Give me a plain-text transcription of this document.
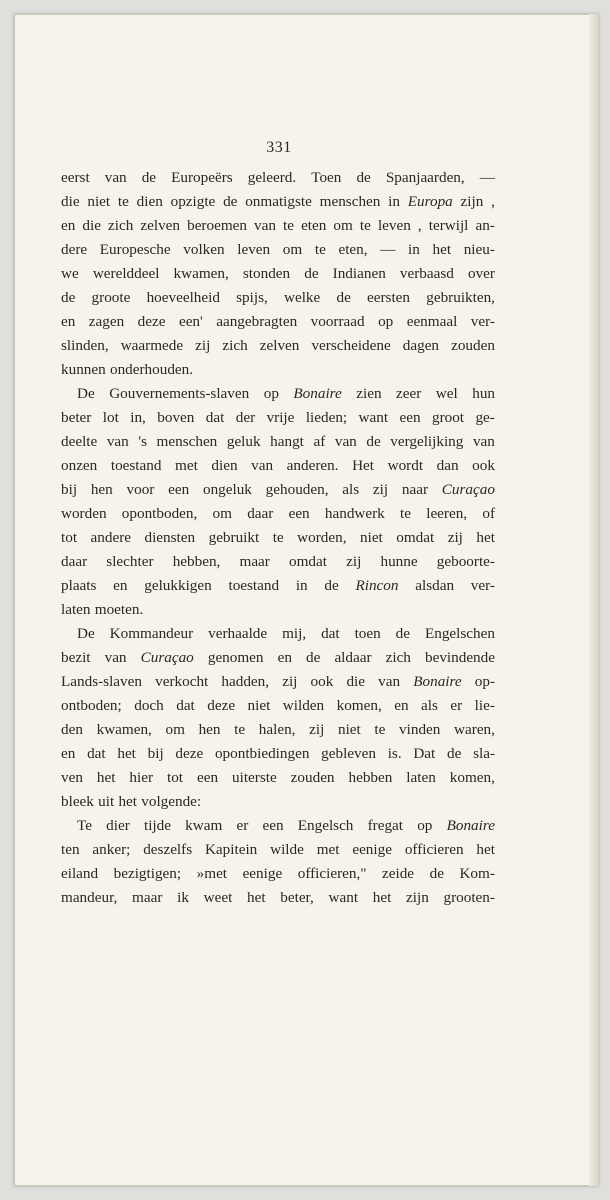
331
eerst van de Europeërs geleerd. Toen de Spanjaarden, —
die niet te dien opzigte de onmatigste menschen in Europa zijn ,
en die zich zelven beroemen van te eten om te leven , terwijl an-
dere Europesche volken leven om te eten, — in het nieu-
we werelddeel kwamen, stonden de Indianen verbaasd over
de groote hoeveelheid spijs, welke de eersten gebruikten,
en zagen deze een' aangebragten voorraad op eenmaal ver-
slinden, waarmede zij zich zelven verscheidene dagen zouden
kunnen onderhouden.
De Gouvernements-slaven op Bonaire zien zeer wel hun
beter lot in, boven dat der vrije lieden; want een groot ge-
deelte van 's menschen geluk hangt af van de vergelijking van
onzen toestand met dien van anderen. Het wordt dan ook
bij hen voor een ongeluk gehouden, als zij naar Curaçao
worden opontboden, om daar een handwerk te leeren, of
tot andere diensten gebruikt te worden, niet omdat zij het
daar slechter hebben, maar omdat zij hunne geboorte-
plaats en gelukkigen toestand in de Rincon alsdan ver-
laten moeten.
De Kommandeur verhaalde mij, dat toen de Engelschen
bezit van Curaçao genomen en de aldaar zich bevindende
Lands-slaven verkocht hadden, zij ook die van Bonaire op-
ontboden; doch dat deze niet wilden komen, en als er lie-
den kwamen, om hen te halen, zij niet te vinden waren,
en dat het bij deze opontbiedingen gebleven is. Dat de sla-
ven het hier tot een uiterste zouden hebben laten komen,
bleek uit het volgende:
Te dier tijde kwam er een Engelsch fregat op Bonaire
ten anker; deszelfs Kapitein wilde met eenige officieren het
eiland bezigtigen; »met eenige officieren," zeide de Kom-
mandeur, maar ik weet het beter, want het zijn grooten-
